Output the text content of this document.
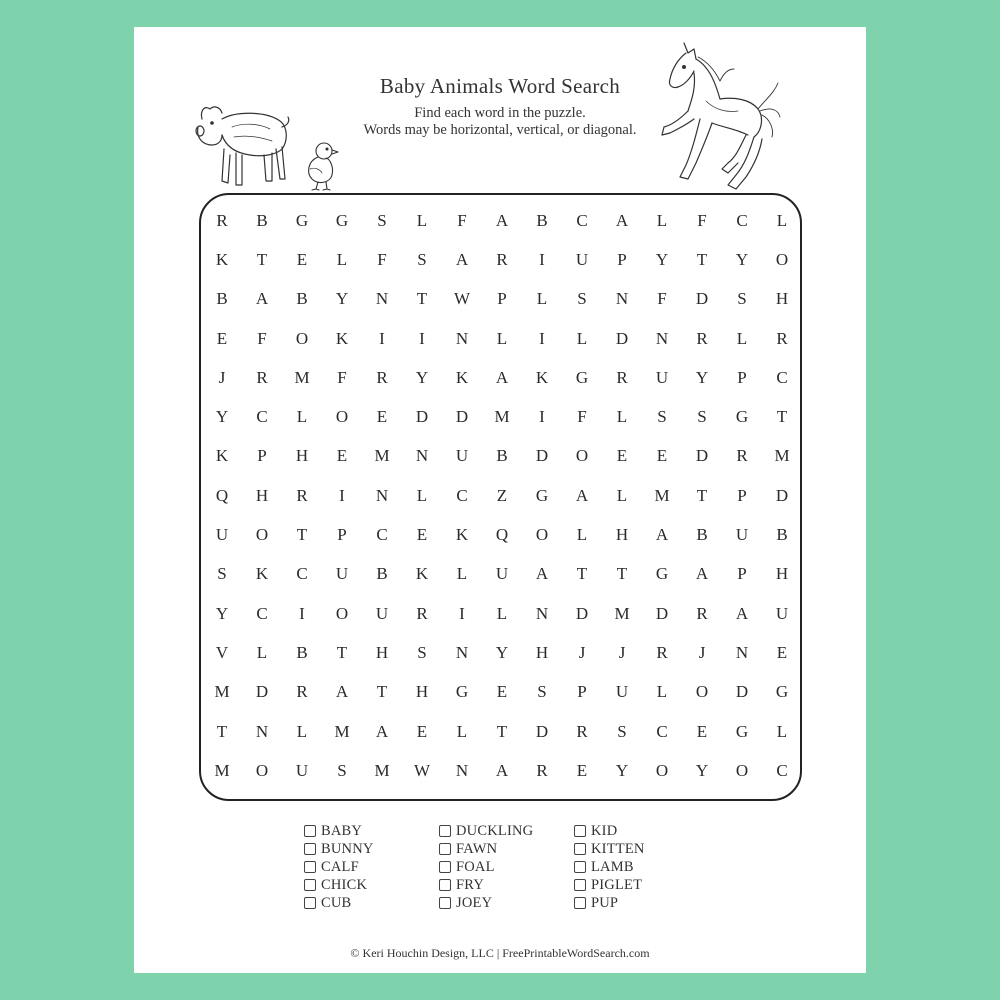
Baby Animals Word Search
Find each word in the puzzle.
Words may be horizontal, vertical, or diagonal.
R	B	G	G	S	L	F	A	B	C	A	L	F	C	L
K	T	E	L	F	S	A	R	I	U	P	Y	T	Y	O
B	A	B	Y	N	T	W	P	L	S	N	F	D	S	H
E	F	O	K	I	I	N	L	I	L	D	N	R	L	R
J	R	M	F	R	Y	K	A	K	G	R	U	Y	P	C
Y	C	L	O	E	D	D	M	I	F	L	S	S	G	T
K	P	H	E	M	N	U	B	D	O	E	E	D	R	M
Q	H	R	I	N	L	C	Z	G	A	L	M	T	P	D
U	O	T	P	C	E	K	Q	O	L	H	A	B	U	B
S	K	C	U	B	K	L	U	A	T	T	G	A	P	H
Y	C	I	O	U	R	I	L	N	D	M	D	R	A	U
V	L	B	T	H	S	N	Y	H	J	J	R	J	N	E
M	D	R	A	T	H	G	E	S	P	U	L	O	D	G
T	N	L	M	A	E	L	T	D	R	S	C	E	G	L
M	O	U	S	M	W	N	A	R	E	Y	O	Y	O	C
BABY
BUNNY
CALF
CHICK
CUB
DUCKLING
FAWN
FOAL
FRY
JOEY
KID
KITTEN
LAMB
PIGLET
PUP
© Keri Houchin Design, LLC | FreePrintableWordSearch.com
